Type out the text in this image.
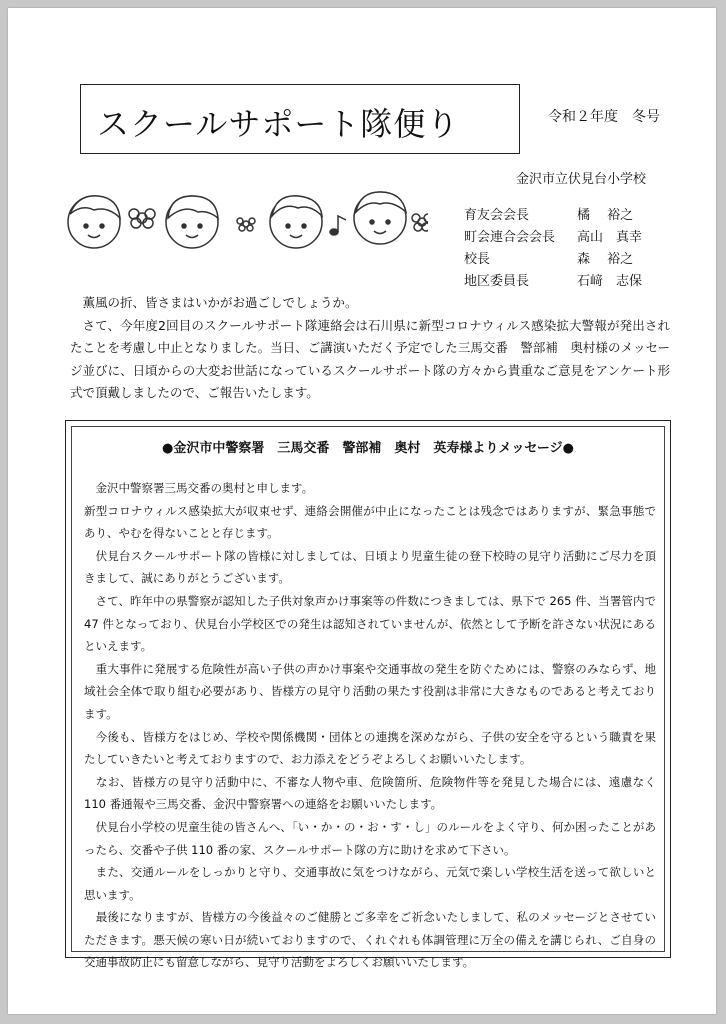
スクールサポート隊便り	令和２年度　冬号
金沢市立伏見台小学校
育友会会長	橘　 裕之
町会連合会会長 高山　真幸
校長	森　 裕之
地区委員長	石﨑　志保

薫風の折、皆さまはいかがお過ごしでしょうか。

さて、今年度2回目のスクールサポート隊連絡会は石川県に新型コロナウィルス感染拡大警報が発出されたことを考慮し中止となりました。当日、ご講演いただく予定でした三馬交番　警部補　奥村様のメッセージ並びに、日頃からの大変お世話になっているスクールサポート隊の方々から貴重なご意見をアンケート形式で頂戴しましたので、ご報告いたします。

●金沢市中警察署　三馬交番　警部補　奥村　英寿様よりメッセージ●

　金沢中警察署三馬交番の奥村と申します。

新型コロナウィルス感染拡大が収束せず、連絡会開催が中止になったことは残念ではありますが、緊急事態であり、やむを得ないことと存じます。

　伏見台スクールサポート隊の皆様に対しましては、日頃より児童生徒の登下校時の見守り活動にご尽力を頂きまして、誠にありがとうございます。

　さて、昨年中の県警察が認知した子供対象声かけ事案等の件数につきましては、県下で 265 件、当署管内で 47 件となっており、伏見台小学校区での発生は認知されていませんが、依然として予断を許さない状況にあるといえます。

　重大事件に発展する危険性が高い子供の声かけ事案や交通事故の発生を防ぐためには、警察のみならず、地域社会全体で取り組む必要があり、皆様方の見守り活動の果たす役割は非常に大きなものであると考えております。

　今後も、皆様方をはじめ、学校や関係機関・団体との連携を深めながら、子供の安全を守るという職責を果たしていきたいと考えておりますので、お力添えをどうぞよろしくお願いいたします。

　なお、皆様方の見守り活動中に、不審な人物や車、危険箇所、危険物件等を発見した場合には、遠慮なく 110 番通報や三馬交番、金沢中警察署への連絡をお願いいたします。

　伏見台小学校の児童生徒の皆さんへ、「い・か・の・お・す・し」のルールをよく守り、何か困ったことがあったら、交番や子供 110 番の家、スクールサポート隊の方に助けを求めて下さい。

　また、交通ルールをしっかりと守り、交通事故に気をつけながら、元気で楽しい学校生活を送って欲しいと思います。

　最後になりますが、皆様方の今後益々のご健勝とご多幸をご祈念いたしまして、私のメッセージとさせていただきます。悪天候の寒い日が続いておりますので、くれぐれも体調管理に万全の備えを講じられ、ご自身の交通事故防止にも留意しながら、見守り活動をよろしくお願いいたします。
